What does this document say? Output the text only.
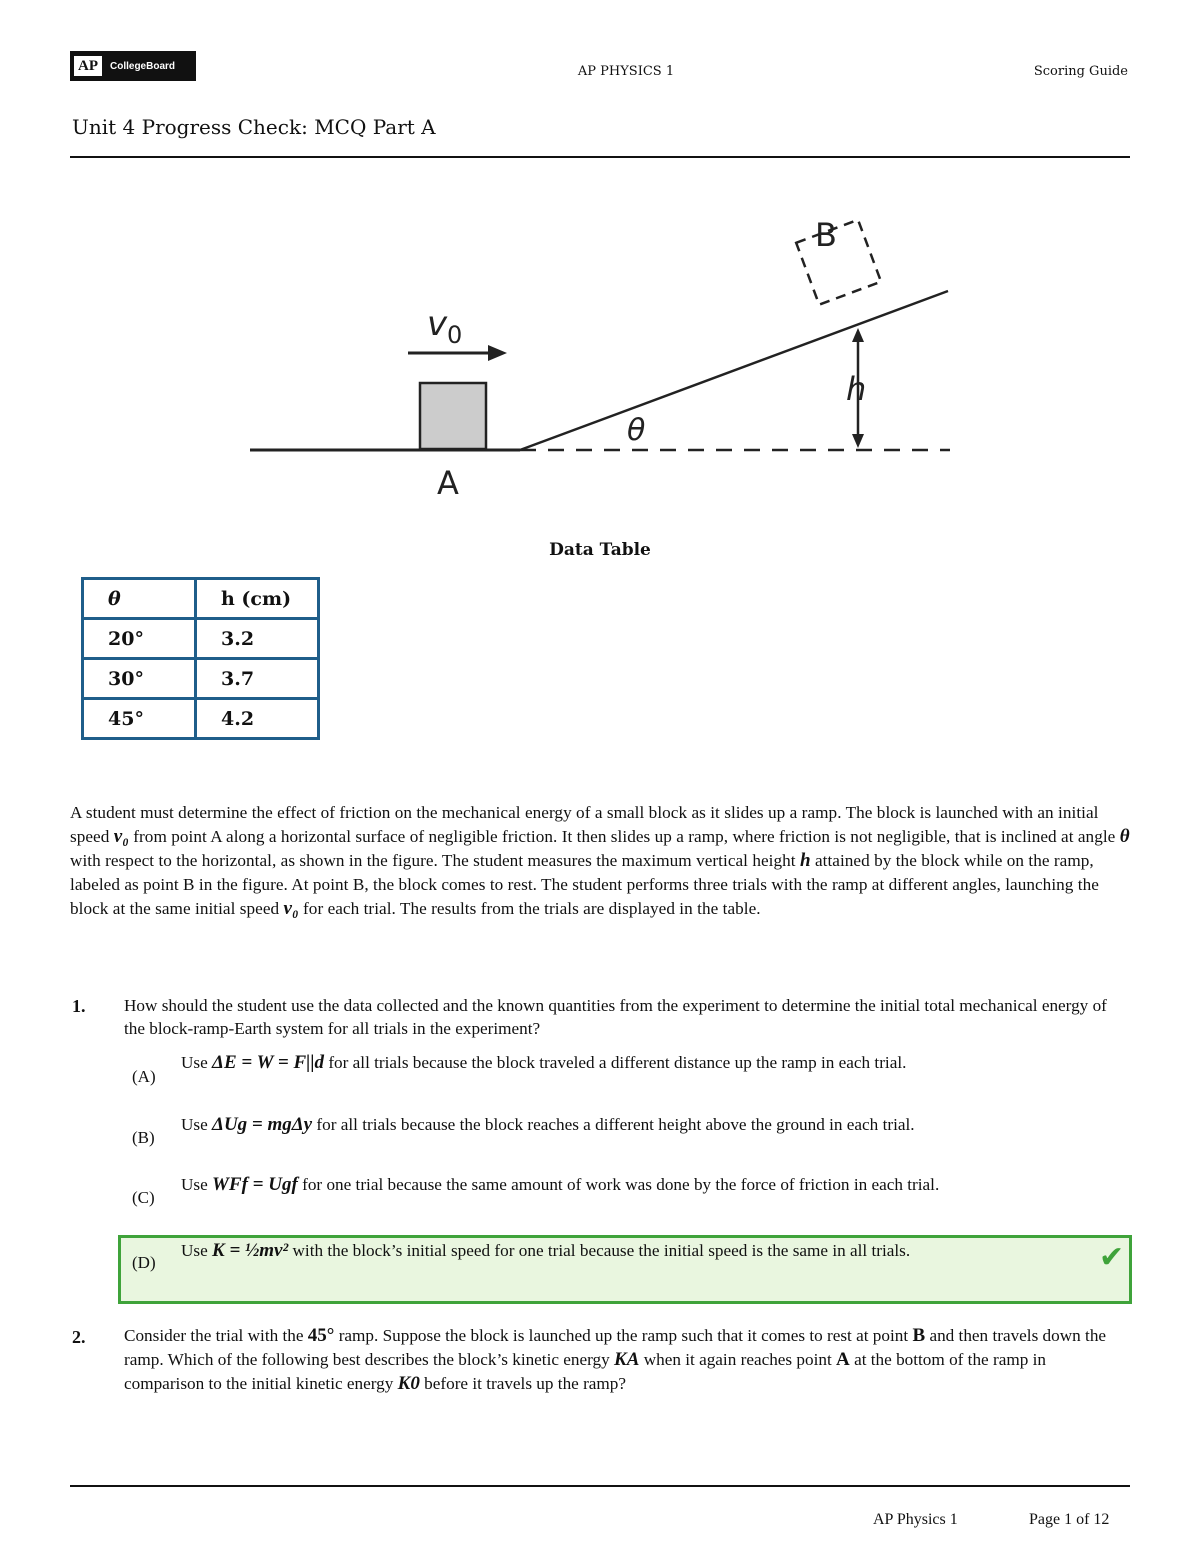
AP	CollegeBoard	AP PHYSICS 1	Scoring Guide
Unit 4 Progress Check: MCQ Part A
v 0
A
B
h
θ
Data Table
θ	h (cm)
20°	3.2
30°	3.7
45°	4.2
A student must determine the effect of friction on the mechanical energy of a small block as it slides up a ramp. The block is launched with an initial speed v₀ from point A along a horizontal surface of negligible friction. It then slides up a ramp, where friction is not negligible, that is inclined at angle θ with respect to the horizontal, as shown in the figure. The student measures the maximum vertical height h attained by the block while on the ramp, labeled as point B in the figure. At point B, the block comes to rest. The student performs three trials with the ramp at different angles, launching the block at the same initial speed v₀ for each trial. The results from the trials are displayed in the table.
1. How should the student use the data collected and the known quantities from the experiment to determine the initial total mechanical energy of the block-ramp-Earth system for all trials in the experiment?
(A)
Use ΔE = W = F||d for all trials because the block traveled a different distance up the ramp in each trial.
(B)
Use ΔUg = mgΔy for all trials because the block reaches a different height above the ground in each trial.
(C)
Use WFf = Ugf for one trial because the same amount of work was done by the force of friction in each trial.
(D)
Use K = ½mv² with the block’s initial speed for one trial because the initial speed is the same in all trials.	✔
2. Consider the trial with the 45° ramp. Suppose the block is launched up the ramp such that it comes to rest at point B and then travels down the ramp. Which of the following best describes the block’s kinetic energy KA when it again reaches point A at the bottom of the ramp in comparison to the initial kinetic energy K0 before it travels up the ramp?
AP Physics 1	Page 1 of 12
